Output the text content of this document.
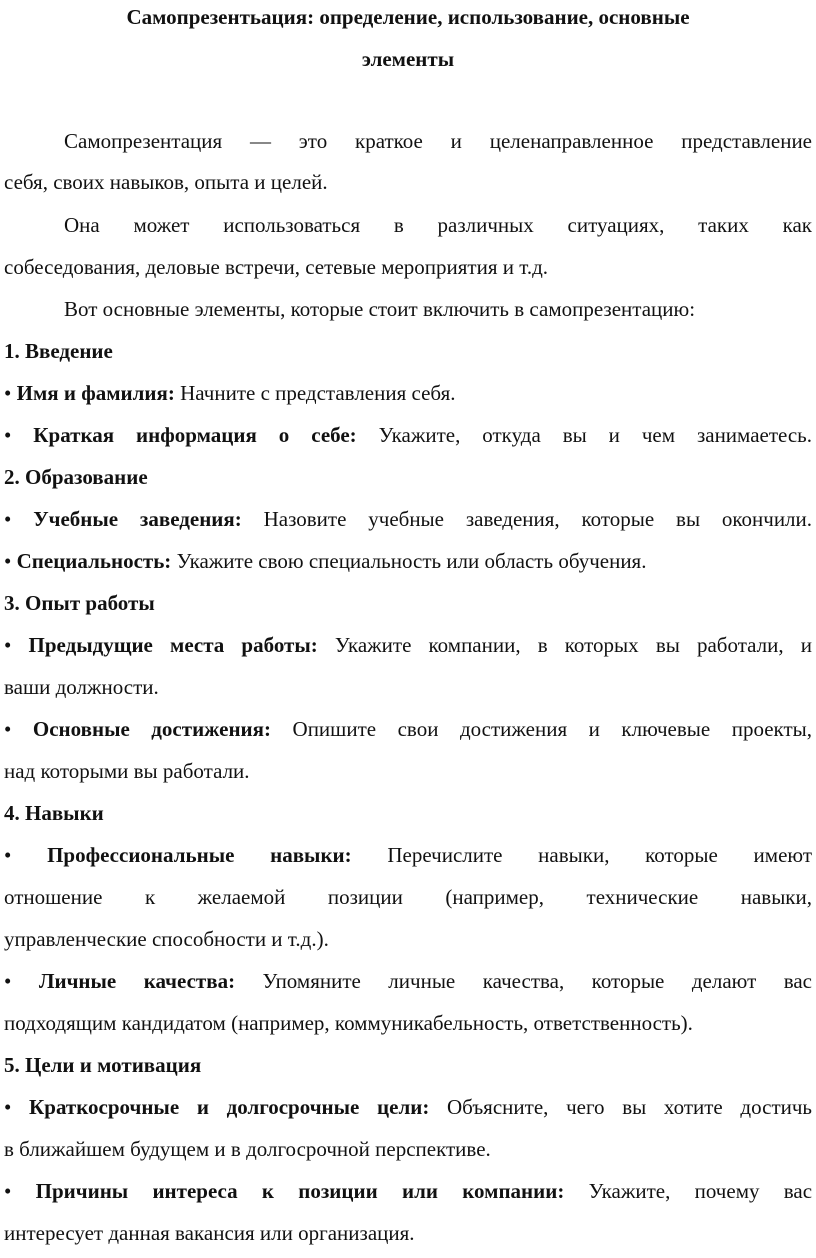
Самопрезентьация: определение, использование, основные
элементы
Самопрезентация — это краткое и целенаправленное представление
себя, своих навыков, опыта и целей.
Она может использоваться в различных ситуациях, таких как
собеседования, деловые встречи, сетевые мероприятия и т.д.
Вот основные элементы, которые стоит включить в самопрезентацию:
1. Введение
• Имя и фамилия: Начните с представления себя.
• Краткая информация о себе: Укажите, откуда вы и чем занимаетесь.
2. Образование
• Учебные заведения: Назовите учебные заведения, которые вы окончили.
• Специальность: Укажите свою специальность или область обучения.
3. Опыт работы
• Предыдущие места работы: Укажите компании, в которых вы работали, и
ваши должности.
• Основные достижения: Опишите свои достижения и ключевые проекты,
над которыми вы работали.
4. Навыки
• Профессиональные навыки: Перечислите навыки, которые имеют
отношение к желаемой позиции (например, технические навыки,
управленческие способности и т.д.).
• Личные качества: Упомяните личные качества, которые делают вас
подходящим кандидатом (например, коммуникабельность, ответственность).
5. Цели и мотивация
• Краткосрочные и долгосрочные цели: Объясните, чего вы хотите достичь
в ближайшем будущем и в долгосрочной перспективе.
• Причины интереса к позиции или компании: Укажите, почему вас
интересует данная вакансия или организация.
